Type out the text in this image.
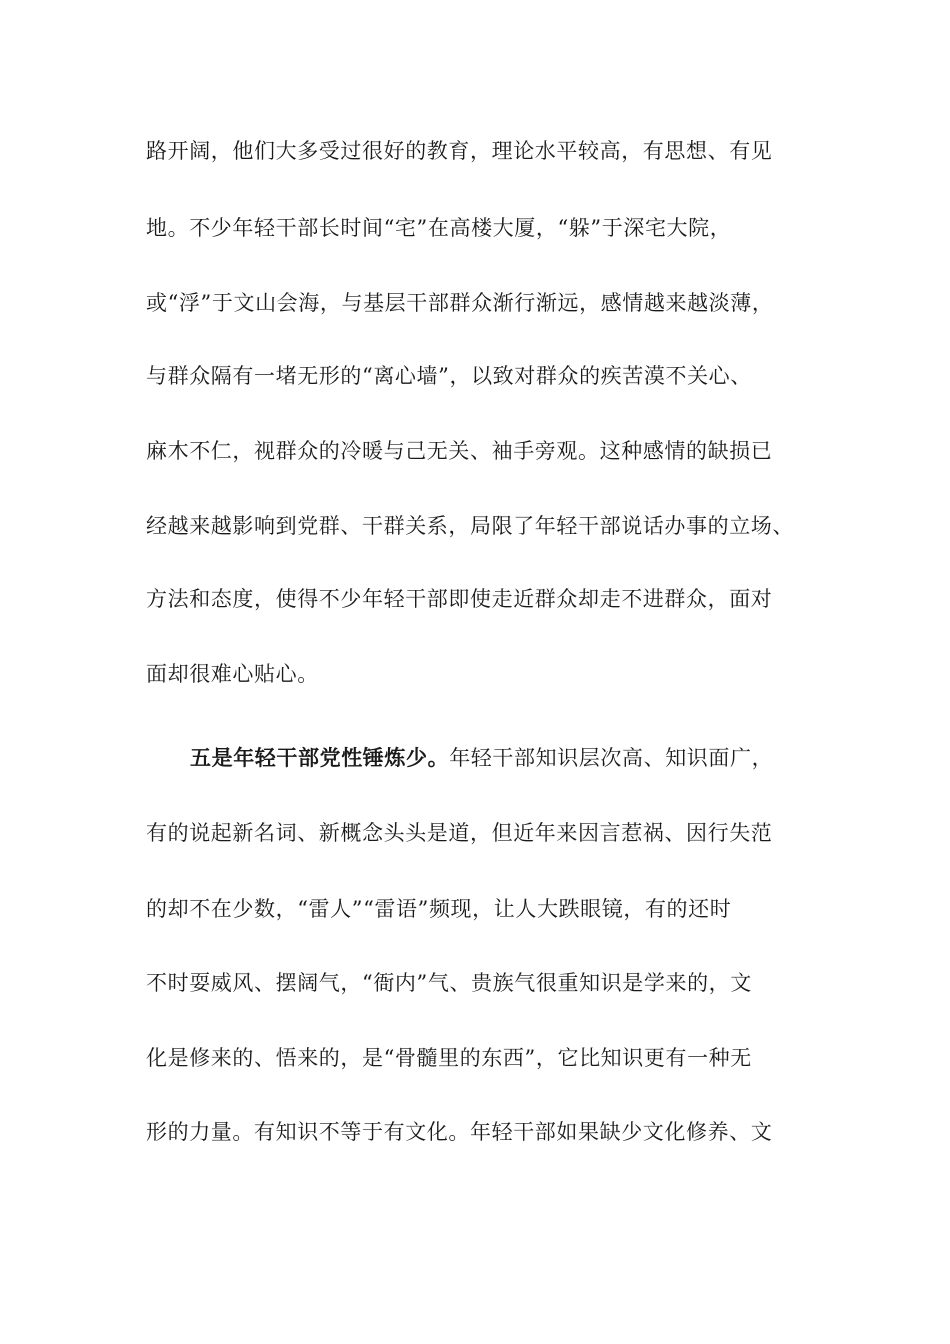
路开阔，他们大多受过很好的教育，理论水平较高，有思想、有见
地。不少年轻干部长时间“宅”在高楼大厦，“躲”于深宅大院，
或“浮”于文山会海，与基层干部群众渐行渐远，感情越来越淡薄，
与群众隔有一堵无形的“离心墙”，以致对群众的疾苦漠不关心、
麻木不仁，视群众的冷暖与己无关、袖手旁观。这种感情的缺损已
经越来越影响到党群、干群关系，局限了年轻干部说话办事的立场、
方法和态度，使得不少年轻干部即使走近群众却走不进群众，面对
面却很难心贴心。
五是年轻干部党性锤炼少。年轻干部知识层次高、知识面广，
有的说起新名词、新概念头头是道，但近年来因言惹祸、因行失范
的却不在少数，“雷人”“雷语”频现，让人大跌眼镜，有的还时
不时耍威风、摆阔气，“衙内”气、贵族气很重知识是学来的，文
化是修来的、悟来的，是“骨髓里的东西”，它比知识更有一种无
形的力量。有知识不等于有文化。年轻干部如果缺少文化修养、文
